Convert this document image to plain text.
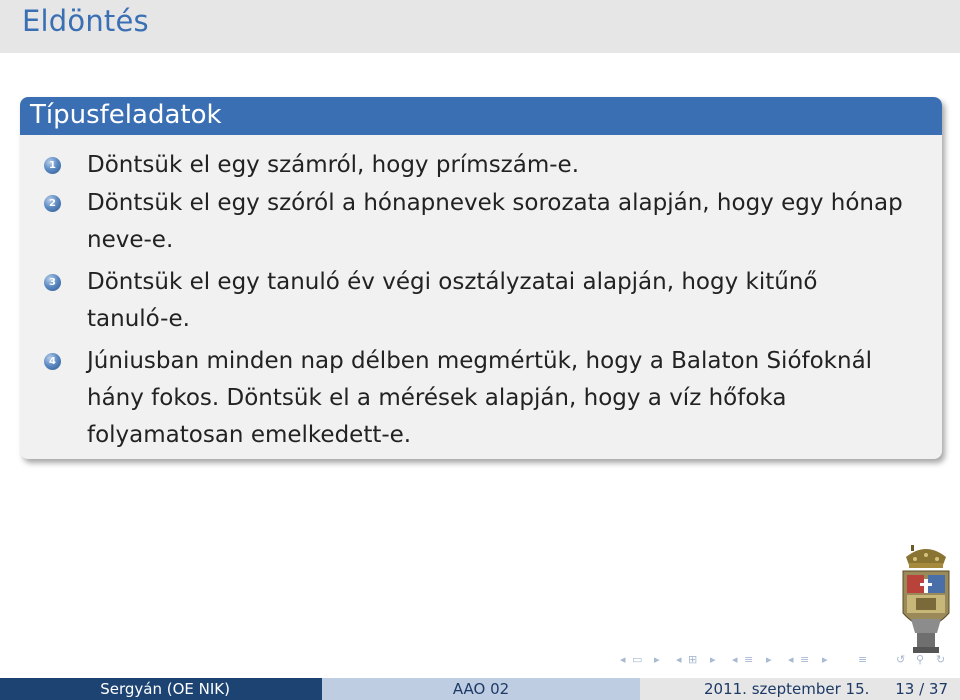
Eldöntés
Típusfeladatok
1 Döntsük el egy számról, hogy prímszám-e.
2 Döntsük el egy szóról a hónapnevek sorozata alapján, hogy egy hónap
neve-e.
3 Döntsük el egy tanuló év végi osztályzatai alapján, hogy kitűnő
tanuló-e.
4 Júniusban minden nap délben megmértük, hogy a Balaton Siófoknál
hány fokos. Döntsük el a mérések alapján, hogy a víz hőfoka
folyamatosan emelkedett-e.
◂ ▭ ▸ ◂ ⊞ ▸ ◂ ≡ ▸ ◂ ≡ ▸	≡	↺ ⚲ ↻
Sergyán (OE NIK)	AAO 02	2011. szeptember 15. 13 / 37
